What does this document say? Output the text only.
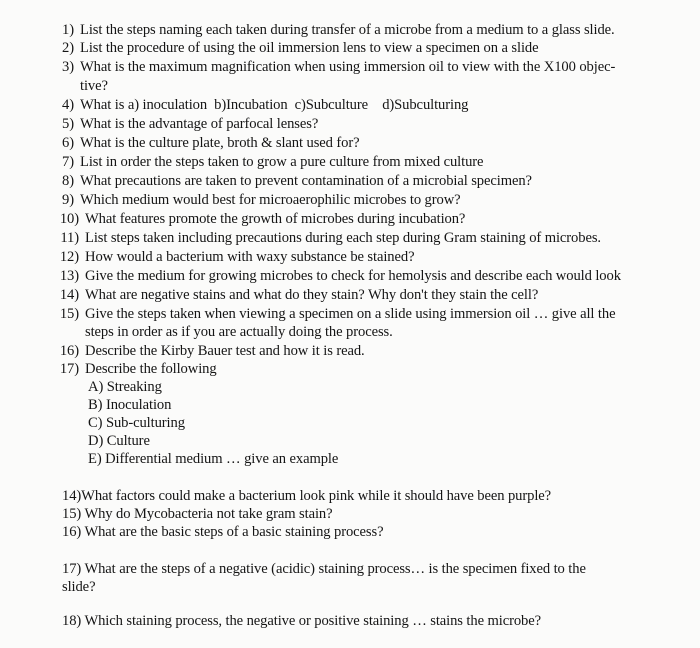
1) List the steps naming each taken during transfer of a microbe from a medium to a glass slide.
2) List the procedure of using the oil immersion lens to view a specimen on a slide
3) What is the maximum magnification when using immersion oil to view with the X100 objec-
tive?
4) What is a) inoculation  b)Incubation  c)Subculture    d)Subculturing
5) What is the advantage of parfocal lenses?
6) What is the culture plate, broth & slant used for?
7) List in order the steps taken to grow a pure culture from mixed culture
8) What precautions are taken to prevent contamination of a microbial specimen?
9) Which medium would best for microaerophilic microbes to grow?
10) What features promote the growth of microbes during incubation?
11) List steps taken including precautions during each step during Gram staining of microbes.
12) How would a bacterium with waxy substance be stained?
13) Give the medium for growing microbes to check for hemolysis and describe each would look
14) What are negative stains and what do they stain? Why don't they stain the cell?
15) Give the steps taken when viewing a specimen on a slide using immersion oil … give all the
steps in order as if you are actually doing the process.
16) Describe the Kirby Bauer test and how it is read.
17) Describe the following
A) Streaking
B) Inoculation
C) Sub-culturing
D) Culture
E) Differential medium … give an example
14)What factors could make a bacterium look pink while it should have been purple?
15) Why do Mycobacteria not take gram stain?
16) What are the basic steps of a basic staining process?
17) What are the steps of a negative (acidic) staining process… is the specimen fixed to the
slide?
18) Which staining process, the negative or positive staining … stains the microbe?
